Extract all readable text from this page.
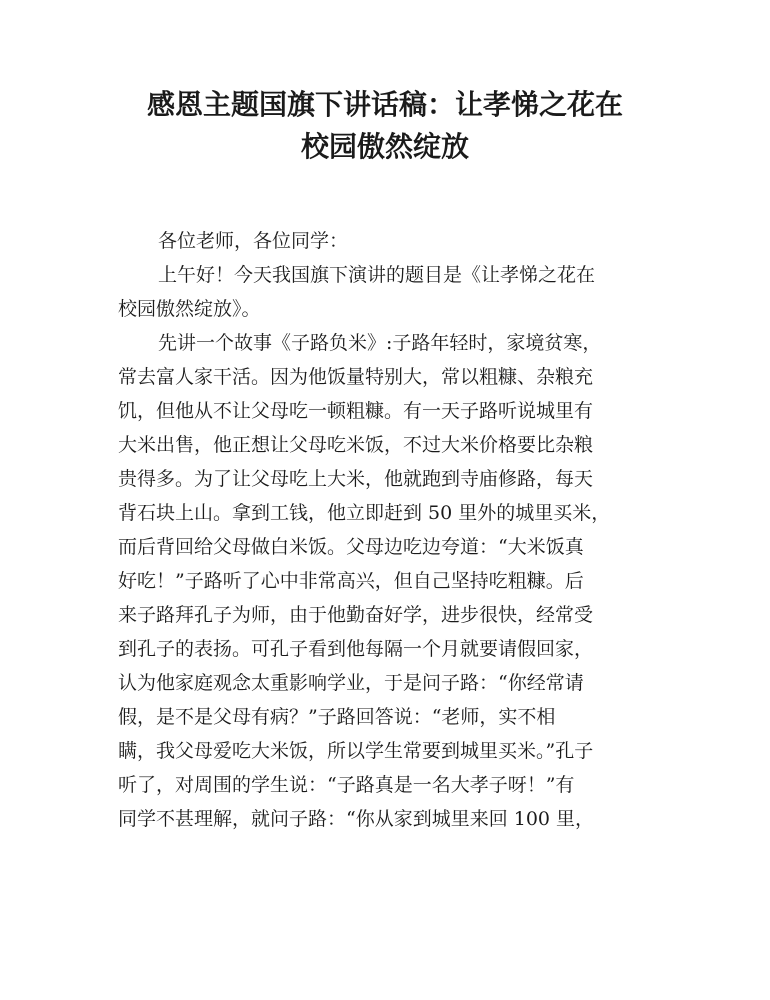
感恩主题国旗下讲话稿：让孝悌之花在
校园傲然绽放

各位老师，各位同学：

上午好！今天我国旗下演讲的题目是《让孝悌之花在
校园傲然绽放》。

先讲一个故事《子路负米》:子路年轻时，家境贫寒，
常去富人家干活。因为他饭量特别大，常以粗糠、杂粮充
饥，但他从不让父母吃一顿粗糠。有一天子路听说城里有
大米出售，他正想让父母吃米饭，不过大米价格要比杂粮
贵得多。为了让父母吃上大米，他就跑到寺庙修路，每天
背石块上山。拿到工钱，他立即赶到 50 里外的城里买米，
而后背回给父母做白米饭。父母边吃边夸道：“大米饭真
好吃！”子路听了心中非常高兴，但自己坚持吃粗糠。后
来子路拜孔子为师，由于他勤奋好学，进步很快，经常受
到孔子的表扬。可孔子看到他每隔一个月就要请假回家，
认为他家庭观念太重影响学业，于是问子路：“你经常请
假，是不是父母有病？”子路回答说：“老师，实不相
瞒，我父母爱吃大米饭，所以学生常要到城里买米。”孔子
听了，对周围的学生说：“子路真是一名大孝子呀！”有
同学不甚理解，就问子路：“你从家到城里来回 100 里，
